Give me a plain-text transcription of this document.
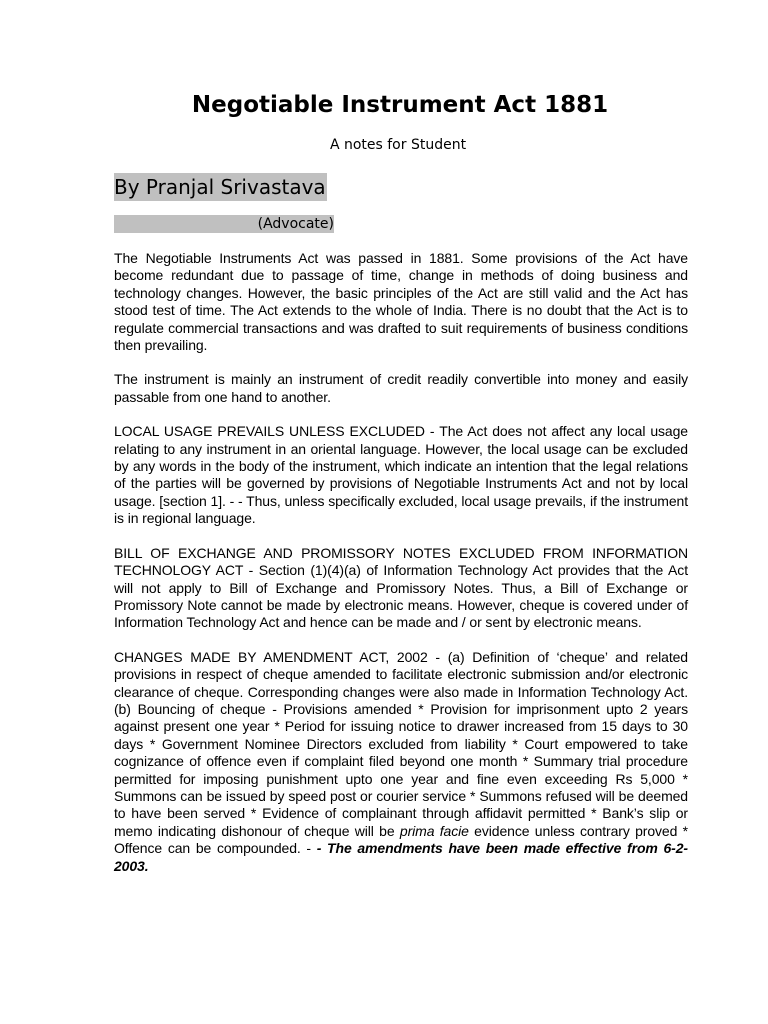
Negotiable Instrument Act 1881
A notes for Student
By Pranjal Srivastava
(Advocate)

The Negotiable Instruments Act was passed in 1881. Some provisions of the Act have become redundant due to passage of time, change in methods of doing business and technology changes. However, the basic principles of the Act are still valid and the Act has stood test of time. The Act extends to the whole of India. There is no doubt that the Act is to regulate commercial transactions and was drafted to suit requirements of business conditions then prevailing.

The instrument is mainly an instrument of credit readily convertible into money and easily passable from one hand to another.

LOCAL USAGE PREVAILS UNLESS EXCLUDED - The Act does not affect any local usage relating to any instrument in an oriental language. However, the local usage can be excluded by any words in the body of the instrument, which indicate an intention that the legal relations of the parties will be governed by provisions of Negotiable Instruments Act and not by local usage. [section 1]. - - Thus, unless specifically excluded, local usage prevails, if the instrument is in regional language.

BILL OF EXCHANGE AND PROMISSORY NOTES EXCLUDED FROM INFORMATION TECHNOLOGY ACT - Section (1)(4)(a) of Information Technology Act provides that the Act will not apply to Bill of Exchange and Promissory Notes. Thus, a Bill of Exchange or Promissory Note cannot be made by electronic means. However, cheque is covered under of Information Technology Act and hence can be made and / or sent by electronic means.

CHANGES MADE BY AMENDMENT ACT, 2002 - (a) Definition of ‘cheque’ and related provisions in respect of cheque amended to facilitate electronic submission and/or electronic clearance of cheque. Corresponding changes were also made in Information Technology Act. (b) Bouncing of cheque - Provisions amended * Provision for imprisonment upto 2 years against present one year * Period for issuing notice to drawer increased from 15 days to 30 days * Government Nominee Directors excluded from liability * Court empowered to take cognizance of offence even if complaint filed beyond one month * Summary trial procedure permitted for imposing punishment upto one year and fine even exceeding Rs 5,000 * Summons can be issued by speed post or courier service * Summons refused will be deemed to have been served * Evidence of complainant through affidavit permitted * Bank’s slip or memo indicating dishonour of cheque will be prima facie evidence unless contrary proved * Offence can be compounded. - - The amendments have been made effective from 6-2-2003.
